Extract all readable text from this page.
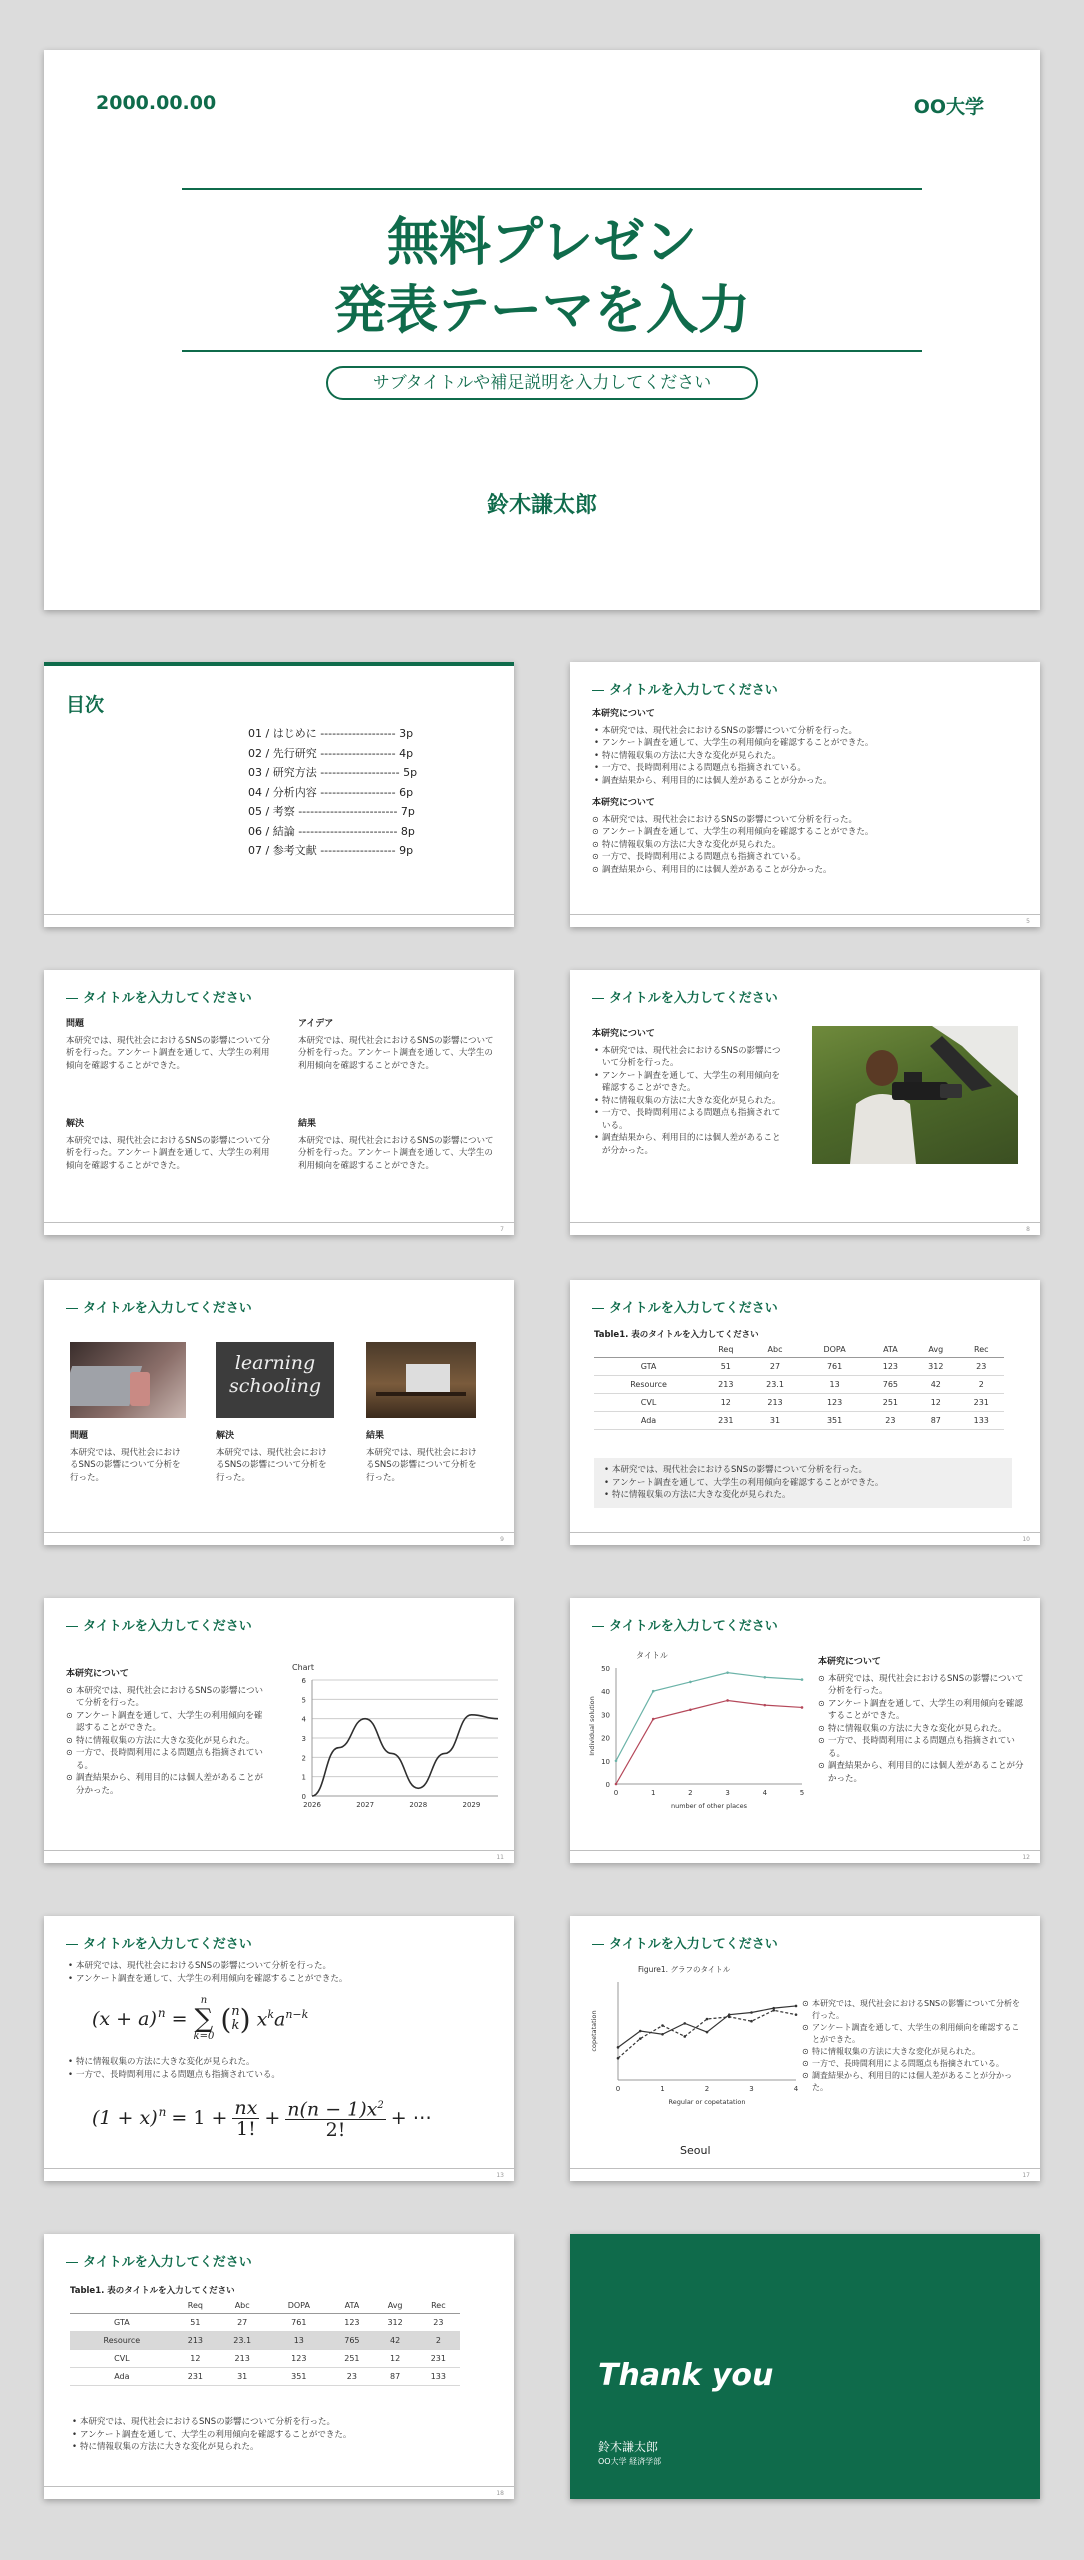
2000.00.00	OO大学
無料プレゼン
発表テーマを入力
サブタイトルや補足説明を入力してください
鈴木謙太郎
目次
01 / はじめに ------------------- 3p
02 / 先行研究 ------------------- 4p
03 / 研究方法 -------------------- 5p
04 / 分析内容 ------------------- 6p
05 / 考察 ------------------------- 7p
06 / 結論 ------------------------- 8p
07 / 参考文献 ------------------- 9p
タイトルを入力してください
本研究について
• 本研究では、現代社会におけるSNSの影響について分析を行った。
• アンケート調査を通して、大学生の利用傾向を確認することができた。
• 特に情報収集の方法に大きな変化が見られた。
• 一方で、長時間利用による問題点も指摘されている。
• 調査結果から、利用目的には個人差があることが分かった。
本研究について
⊙ 本研究では、現代社会におけるSNSの影響について分析を行った。
⊙ アンケート調査を通して、大学生の利用傾向を確認することができた。
⊙ 特に情報収集の方法に大きな変化が見られた。
⊙ 一方で、長時間利用による問題点も指摘されている。
⊙ 調査結果から、利用目的には個人差があることが分かった。
5
タイトルを入力してください
問題
本研究では、現代社会におけるSNSの影響について分析を行った。アンケート調査を通して、大学生の利用傾向を確認することができた。
アイデア
本研究では、現代社会におけるSNSの影響について分析を行った。アンケート調査を通して、大学生の利用傾向を確認することができた。
解決
本研究では、現代社会におけるSNSの影響について分析を行った。アンケート調査を通して、大学生の利用傾向を確認することができた。
結果
本研究では、現代社会におけるSNSの影響について分析を行った。アンケート調査を通して、大学生の利用傾向を確認することができた。
7
タイトルを入力してください
本研究について
• 本研究では、現代社会におけるSNSの影響について分析を行った。
• アンケート調査を通して、大学生の利用傾向を確認することができた。
• 特に情報収集の方法に大きな変化が見られた。
• 一方で、長時間利用による問題点も指摘されている。
• 調査結果から、利用目的には個人差があることが分かった。
8
タイトルを入力してください
learning
schooling
問題
本研究では、現代社会におけるSNSの影響について分析を行った。
解決
本研究では、現代社会におけるSNSの影響について分析を行った。
結果
本研究では、現代社会におけるSNSの影響について分析を行った。
9
タイトルを入力してください
Table1. 表のタイトルを入力してください
	Req	Abc	DOPA	ATA	Avg	Rec
GTA	51	27	761	123	312	23
Resource	213	23.1	13	765	42	2
CVL	12	213	123	251	12	231
Ada	231	31	351	23	87	133
• 本研究では、現代社会におけるSNSの影響について分析を行った。
• アンケート調査を通して、大学生の利用傾向を確認することができた。
• 特に情報収集の方法に大きな変化が見られた。
10
タイトルを入力してください
本研究について
⊙ 本研究では、現代社会におけるSNSの影響について分析を行った。
⊙ アンケート調査を通して、大学生の利用傾向を確認することができた。
⊙ 特に情報収集の方法に大きな変化が見られた。
⊙ 一方で、長時間利用による問題点も指摘されている。
⊙ 調査結果から、利用目的には個人差があることが分かった。
Chart
0
1
2
3
4
5
6
2026	2027	2028	2029
11
タイトルを入力してください
タイトル
0
10
20
30
40
50
0	1	2	3	4	5
number of other places
Individual solution
本研究について
⊙ 本研究では、現代社会におけるSNSの影響について分析を行った。
⊙ アンケート調査を通して、大学生の利用傾向を確認することができた。
⊙ 特に情報収集の方法に大きな変化が見られた。
⊙ 一方で、長時間利用による問題点も指摘されている。
⊙ 調査結果から、利用目的には個人差があることが分かった。
12
タイトルを入力してください
• 本研究では、現代社会におけるSNSの影響について分析を行った。
• アンケート調査を通して、大学生の利用傾向を確認することができた。
$(x + a)^n$ =
n
∑
k=0
( n
k ) $x^ka^{n-k}$
• 特に情報収集の方法に大きな変化が見られた。
• 一方で、長時間利用による問題点も指摘されている。
$(1 + x)^n = 1 + \frac{nx}{1!} + \frac{n(n - 1)x^2}{2!}$ + ⋯
13
タイトルを入力してください
Figure1. グラフのタイトル
0	1	2	3	4
Regular or copetatation
copetatation
Seoul
⊙ 本研究では、現代社会におけるSNSの影響について分析を行った。
⊙ アンケート調査を通して、大学生の利用傾向を確認することができた。
⊙ 特に情報収集の方法に大きな変化が見られた。
⊙ 一方で、長時間利用による問題点も指摘されている。
⊙ 調査結果から、利用目的には個人差があることが分かった。
17
タイトルを入力してください
Table1. 表のタイトルを入力してください
	Req	Abc	DOPA	ATA	Avg	Rec
GTA	51	27	761	123	312	23
Resource	213	23.1	13	765	42	2
CVL	12	213	123	251	12	231
Ada	231	31	351	23	87	133
• 本研究では、現代社会におけるSNSの影響について分析を行った。
• アンケート調査を通して、大学生の利用傾向を確認することができた。
• 特に情報収集の方法に大きな変化が見られた。
18
Thank you
鈴木謙太郎
OO大学 経済学部
